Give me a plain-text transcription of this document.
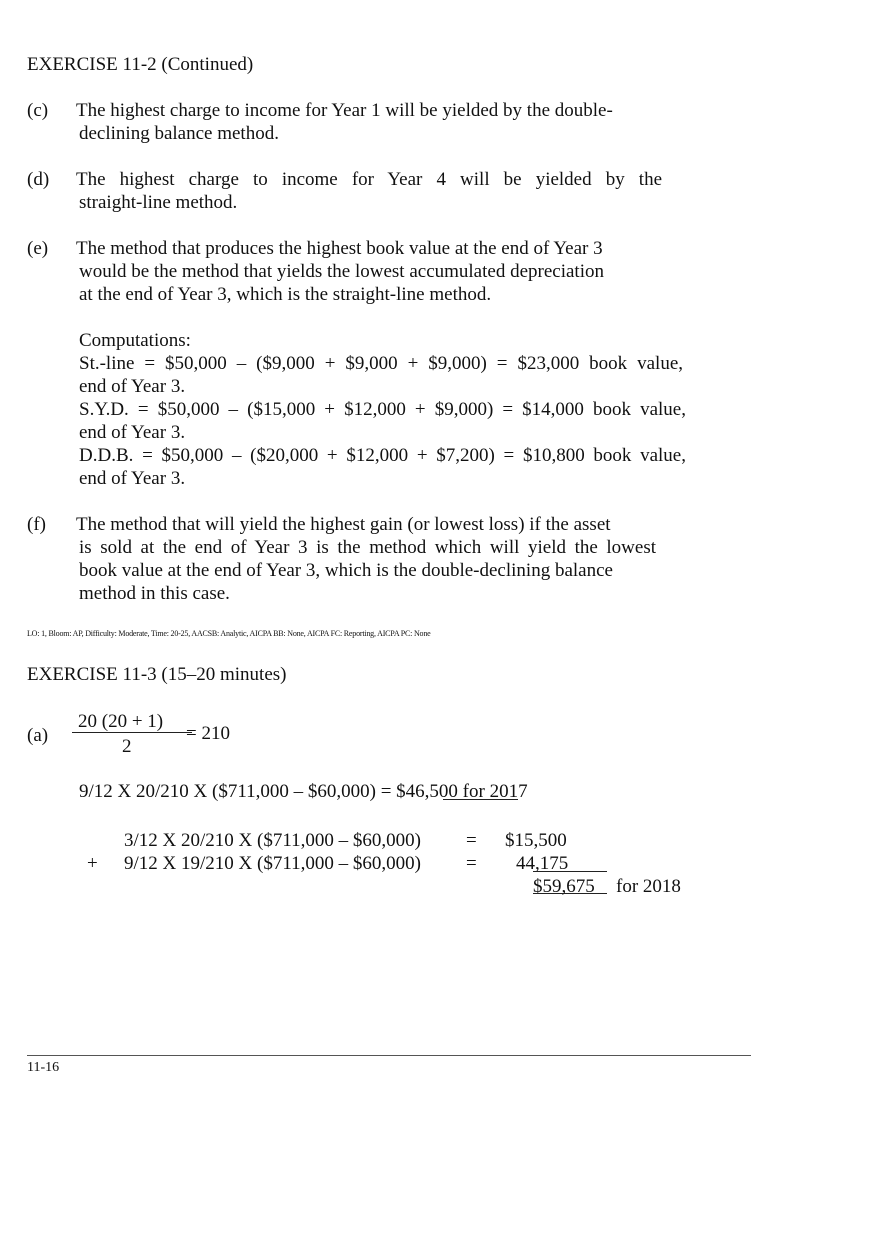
EXERCISE 11-2 (Continued)
(c) The highest charge to income for Year 1 will be yielded by the double-
declining balance method.
(d) The highest charge to income for Year 4 will be yielded by the
straight-line method.
(e) The method that produces the highest book value at the end of Year 3
would be the method that yields the lowest accumulated depreciation
at the end of Year 3, which is the straight-line method.
Computations:
St.-line = $50,000 – ($9,000 + $9,000 + $9,000) = $23,000 book value,
end of Year 3.
S.Y.D. = $50,000 – ($15,000 + $12,000 + $9,000) = $14,000 book value,
end of Year 3.
D.D.B. = $50,000 – ($20,000 + $12,000 + $7,200) = $10,800 book value,
end of Year 3.
(f) The method that will yield the highest gain (or lowest loss) if the asset
is sold at the end of Year 3 is the method which will yield the lowest
book value at the end of Year 3, which is the double-declining balance
method in this case.
LO: 1, Bloom: AP, Difficulty: Moderate, Time: 20-25, AACSB: Analytic, AICPA BB: None, AICPA FC: Reporting, AICPA PC: None
EXERCISE 11-3 (15–20 minutes)
(a)
20 (20 + 1)
2
= 210
9/12 X 20/210 X ($711,000 – $60,000) = $46,500 for 2017
3/12 X 20/210 X ($711,000 – $60,000) = $15,500
+ 9/12 X 19/210 X ($711,000 – $60,000) = 44,175
$59,675 for 2018
11-16
